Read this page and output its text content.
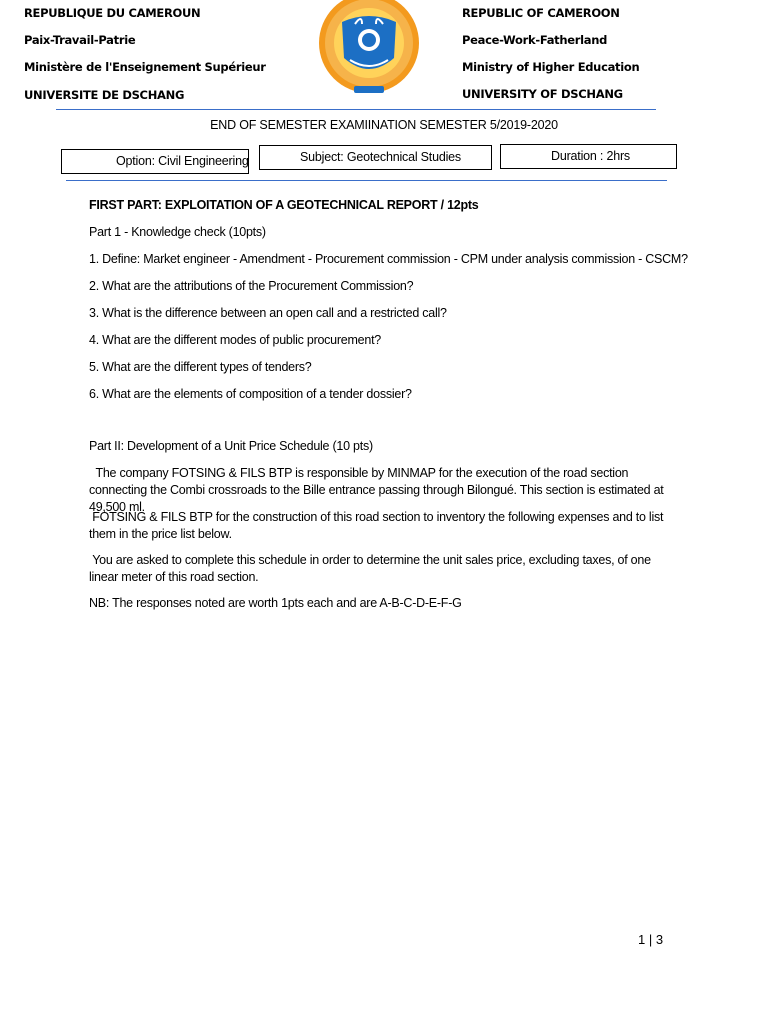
REPUBLIQUE DU CAMEROUN
Paix-Travail-Patrie
Ministère de l'Enseignement Supérieur
UNIVERSITE DE DSCHANG
REPUBLIC OF CAMEROON
Peace-Work-Fatherland
Ministry of Higher Education
UNIVERSITY OF DSCHANG
END OF SEMESTER EXAMIINATION SEMESTER 5/2019-2020
Option: Civil Engineering	Subject: Geotechnical Studies	Duration : 2hrs
FIRST PART: EXPLOITATION OF A GEOTECHNICAL REPORT / 12pts
Part 1 - Knowledge check (10pts)
1. Define: Market engineer - Amendment - Procurement commission - CPM under analysis commission - CSCM?
2. What are the attributions of the Procurement Commission?
3. What is the difference between an open call and a restricted call?
4. What are the different modes of public procurement?
5. What are the different types of tenders?
6. What are the elements of composition of a tender dossier?
Part II: Development of a Unit Price Schedule (10 pts)
The company FOTSING & FILS BTP is responsible by MINMAP for the execution of the road section connecting the Combi crossroads to the Bille entrance passing through Bilongué. This section is estimated at 49,500 ml.
FOTSING & FILS BTP for the construction of this road section to inventory the following expenses and to list them in the price list below.
You are asked to complete this schedule in order to determine the unit sales price, excluding taxes, of one linear meter of this road section.
NB: The responses noted are worth 1pts each and are A-B-C-D-E-F-G
1 | 3
